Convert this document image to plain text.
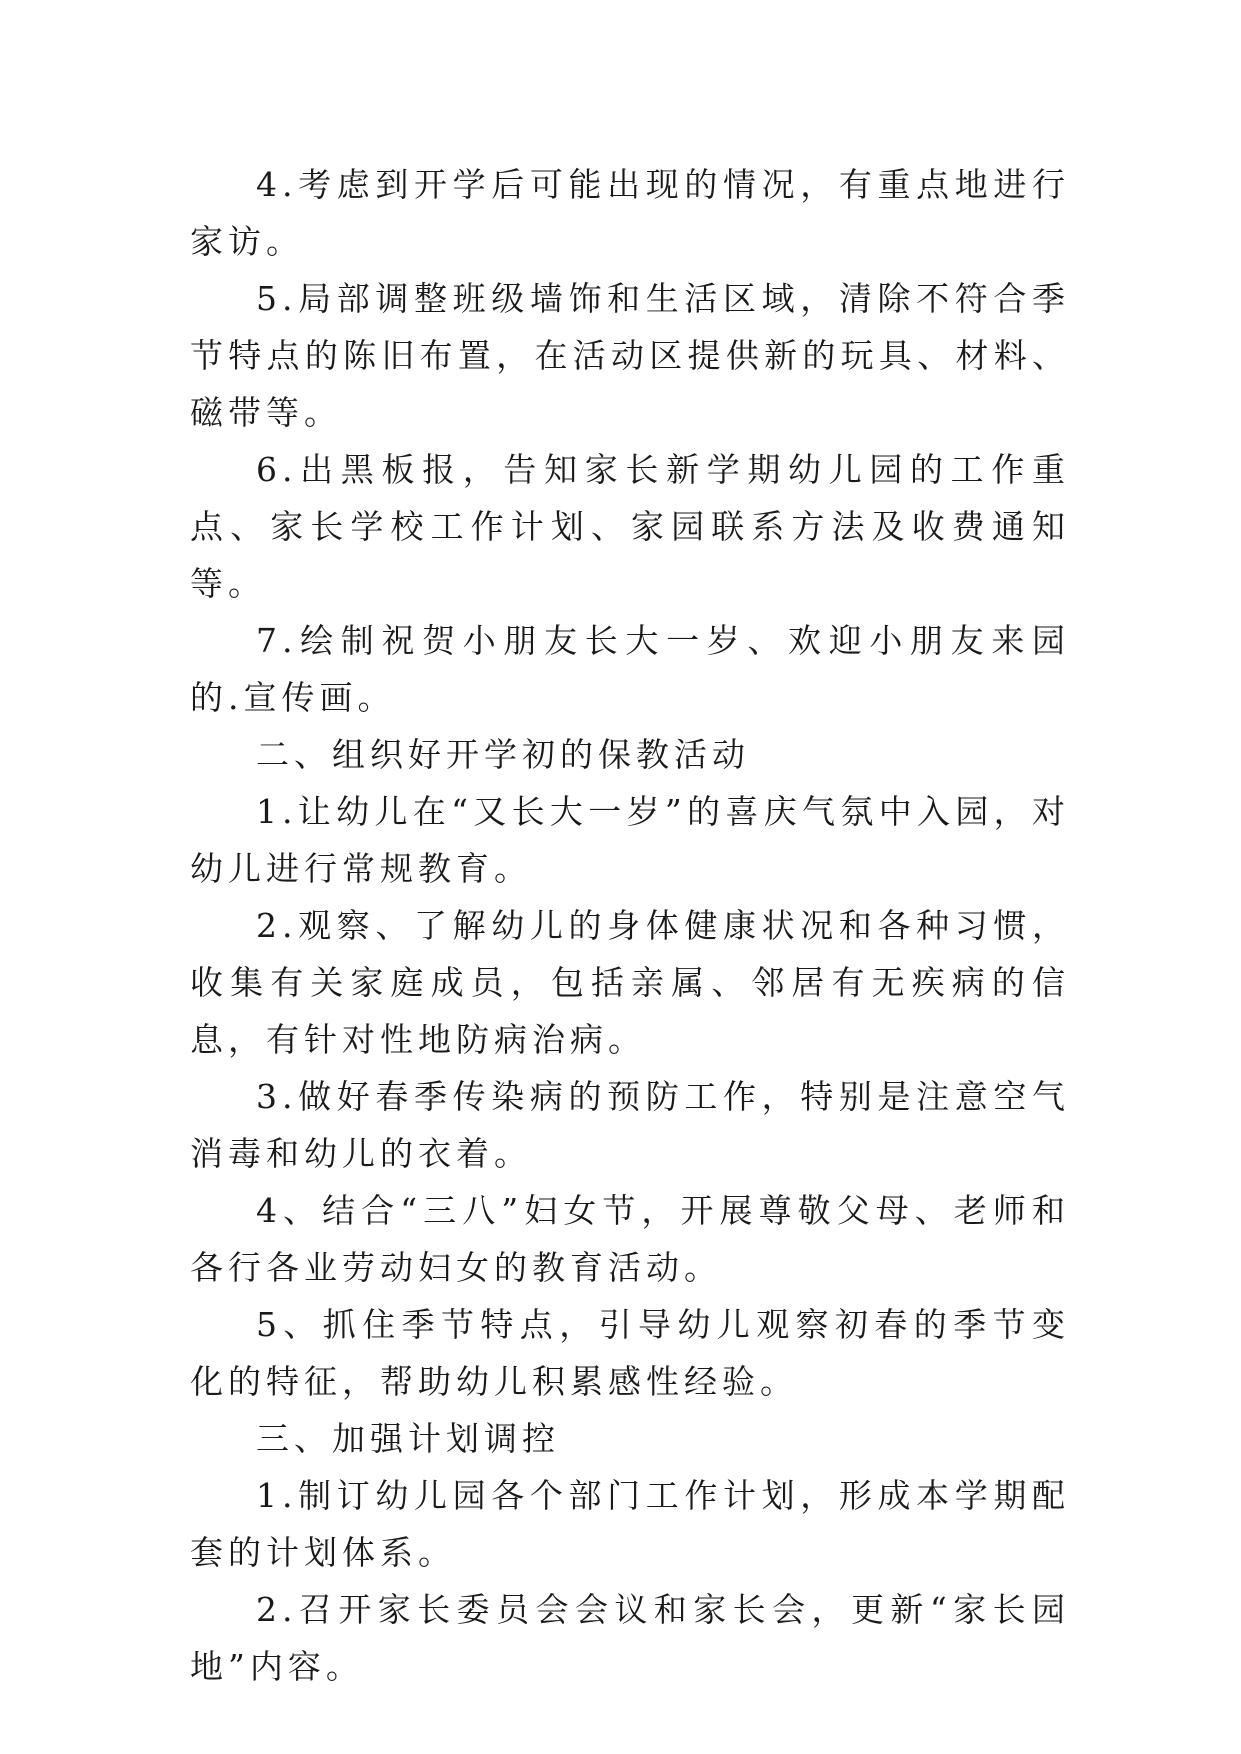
4.考虑到开学后可能出现的情况，有重点地进行家访。

5.局部调整班级墙饰和生活区域，清除不符合季节特点的陈旧布置，在活动区提供新的玩具、材料、磁带等。

6.出黑板报，告知家长新学期幼儿园的工作重点、家长学校工作计划、家园联系方法及收费通知等。

7.绘制祝贺小朋友长大一岁、欢迎小朋友来园的.宣传画。

二、组织好开学初的保教活动

1.让幼儿在“又长大一岁”的喜庆气氛中入园，对幼儿进行常规教育。

2.观察、了解幼儿的身体健康状况和各种习惯，收集有关家庭成员，包括亲属、邻居有无疾病的信息，有针对性地防病治病。

3.做好春季传染病的预防工作，特别是注意空气消毒和幼儿的衣着。

4、结合“三八”妇女节，开展尊敬父母、老师和各行各业劳动妇女的教育活动。

5、抓住季节特点，引导幼儿观察初春的季节变化的特征，帮助幼儿积累感性经验。

三、加强计划调控

1.制订幼儿园各个部门工作计划，形成本学期配套的计划体系。

2.召开家长委员会会议和家长会，更新“家长园地”内容。
